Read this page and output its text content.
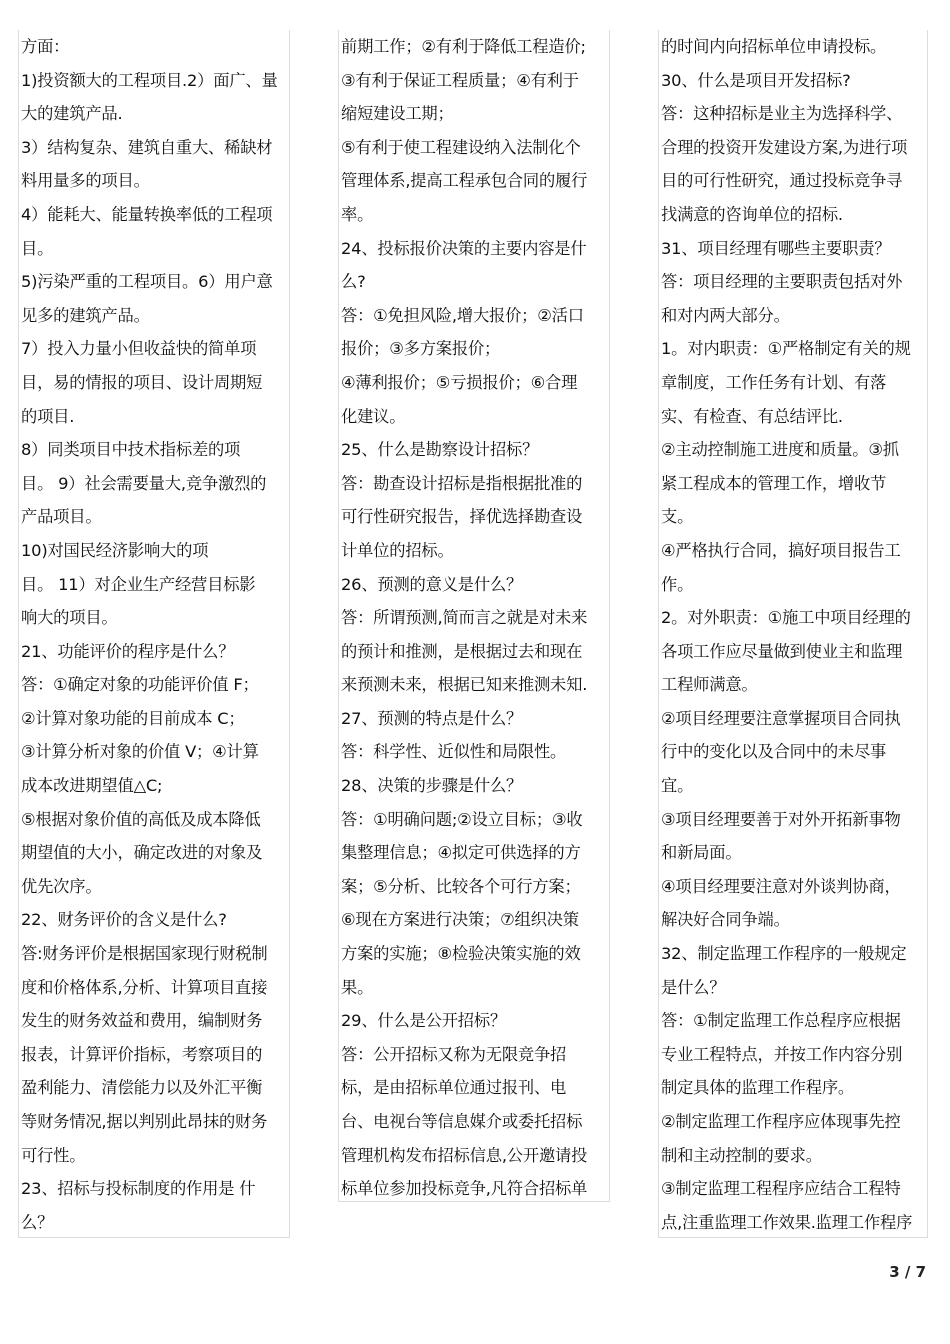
方面：
1)投资额大的工程项目.2）面广、量
大的建筑产品.
3）结构复杂、建筑自重大、稀缺材
料用量多的项目。
4）能耗大、能量转换率低的工程项
目。
5)污染严重的工程项目。6）用户意
见多的建筑产品。
7）投入力量小但收益快的简单项
目，易的情报的项目、设计周期短
的项目.
8）同类项目中技术指标差的项
目。 9）社会需要量大,竞争激烈的
产品项目。
10)对国民经济影响大的项
目。 11）对企业生产经营目标影
响大的项目。
21、功能评价的程序是什么？
答：①确定对象的功能评价值 F；
②计算对象功能的目前成本 C；
③计算分析对象的价值 V；④计算
成本改进期望值△C;
⑤根据对象价值的高低及成本降低
期望值的大小，确定改进的对象及
优先次序。
22、财务评价的含义是什么?
答:财务评价是根据国家现行财税制
度和价格体系,分析、计算项目直接
发生的财务效益和费用，编制财务
报表，计算评价指标，考察项目的
盈利能力、清偿能力以及外汇平衡
等财务情况,据以判别此昂抹的财务
可行性。
23、招标与投标制度的作用是 什
么？
前期工作；②有利于降低工程造价;
③有利于保证工程质量；④有利于
缩短建设工期；
⑤有利于使工程建设纳入法制化个
管理体系,提高工程承包合同的履行
率。
24、投标报价决策的主要内容是什
么?
答：①免担风险,增大报价；②活口
报价；③多方案报价；
④薄利报价；⑤亏损报价；⑥合理
化建议。
25、什么是勘察设计招标？
答：勘查设计招标是指根据批准的
可行性研究报告，择优选择勘查设
计单位的招标。
26、预测的意义是什么？
答：所谓预测,简而言之就是对未来
的预计和推测，是根据过去和现在
来预测未来，根据已知来推测未知.
27、预测的特点是什么？
答：科学性、近似性和局限性。
28、决策的步骤是什么？
答：①明确问题;②设立目标；③收
集整理信息；④拟定可供选择的方
案；⑤分析、比较各个可行方案；
⑥现在方案进行决策；⑦组织决策
方案的实施；⑧检验决策实施的效
果。
29、什么是公开招标？
答：公开招标又称为无限竞争招
标，是由招标单位通过报刊、电
台、电视台等信息媒介或委托招标
管理机构发布招标信息,公开邀请投
标单位参加投标竞争,凡符合招标单
的时间内向招标单位申请投标。
30、什么是项目开发招标?
答：这种招标是业主为选择科学、
合理的投资开发建设方案,为进行项
目的可行性研究，通过投标竞争寻
找满意的咨询单位的招标.
31、项目经理有哪些主要职责？
答：项目经理的主要职责包括对外
和对内两大部分。
1。对内职责：①严格制定有关的规
章制度，工作任务有计划、有落
实、有检查、有总结评比.
②主动控制施工进度和质量。③抓
紧工程成本的管理工作，增收节
支。
④严格执行合同，搞好项目报告工
作。
2。对外职责：①施工中项目经理的
各项工作应尽量做到使业主和监理
工程师满意。
②项目经理要注意掌握项目合同执
行中的变化以及合同中的未尽事
宜。
③项目经理要善于对外开拓新事物
和新局面。
④项目经理要注意对外谈判协商，
解决好合同争端。
32、制定监理工作程序的一般规定
是什么？
答：①制定监理工作总程序应根据
专业工程特点，并按工作内容分别
制定具体的监理工作程序。
②制定监理工作程序应体现事先控
制和主动控制的要求。
③制定监理工程程序应结合工程特
点,注重监理工作效果.监理工作程序
3 / 7
